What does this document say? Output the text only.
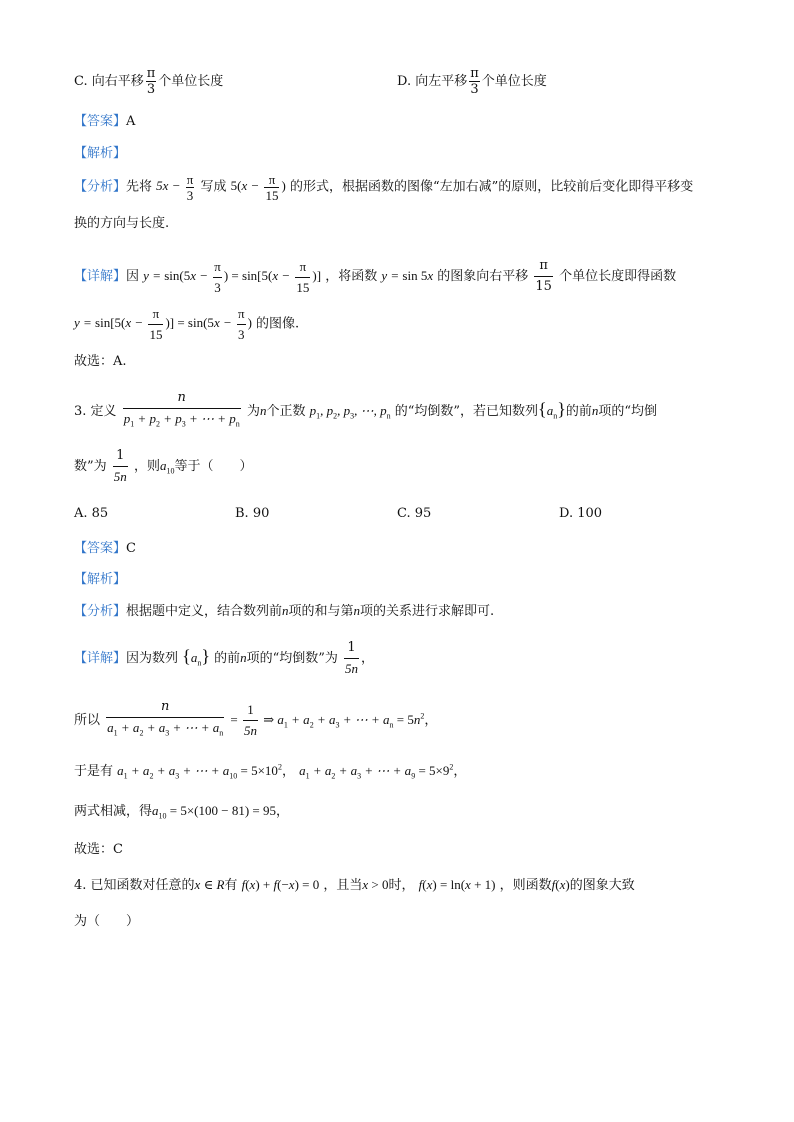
C. 向右平移 $\frac{\pi}{3}$ 个单位长度	D. 向左平移 $\frac{\pi}{3}$ 个单位长度
【答案】A
【解析】
【分析】先将 $5x - \frac{\pi}{3}$ 写成 $5(x - \frac{\pi}{15}$ ) 的形式，根据函数的图像“左加右减”的原则，比较前后变化即得平移变
换的方向与长度.
【详解】因 $y = \sin(5x - \frac{\pi}{3}$ ) = $\sin[5(x - \frac{\pi}{15}$ )] ，将函数 y = sin 5x 的图象向右平移 $\frac{\pi}{15}$ 个单位长度即得函数
$y = \sin[5(x - \frac{\pi}{15}$ )] = $\sin(5x - \frac{\pi}{3}$ ) 的图像.
故选：A.
3. 定义 $\frac{n}{p_1 + p_2 + p_3 + \cdots + p_n}$ 为n个正数 $p_1$, $p_2$, $p_3$, ⋯, $p_n$ 的“均倒数”，若已知数列$\{a_n\}$的前n项的“均倒
数”为 $\frac{1}{5n}$ ，则$a_{10}$等于（　　）
A. 85	B. 90	C. 95	D. 100
【答案】C
【解析】
【分析】根据题中定义，结合数列前n项的和与第n项的关系进行求解即可.
【详解】因为数列 $\{a_n\}$ 的前n项的“均倒数”为 $\frac{1}{5n}$ ，
所以 $\frac{n}{a_1 + a_2 + a_3 + \cdots + a_n} = \frac{1}{5n}$ ⇒ $a_1 + a_2 + a_3$ + ⋯ + $a_n = 5n^2$，
于是有 $a_1 + a_2 + a_3$ + ⋯ + $a_{10} = 5\times 10^2$， $a_1 + a_2 + a_3$ + ⋯ + $a_9 = 5\times 9^2$，
两式相减，得$a_{10} = 5\times(100 - 81) = 95$，
故选：C
4. 已知函数对任意的x ∈ R有 f(x) + f(−x) = 0 ，且当x > 0时， f(x) = ln(x + 1) ，则函数f(x)的图象大致
为（　　）
